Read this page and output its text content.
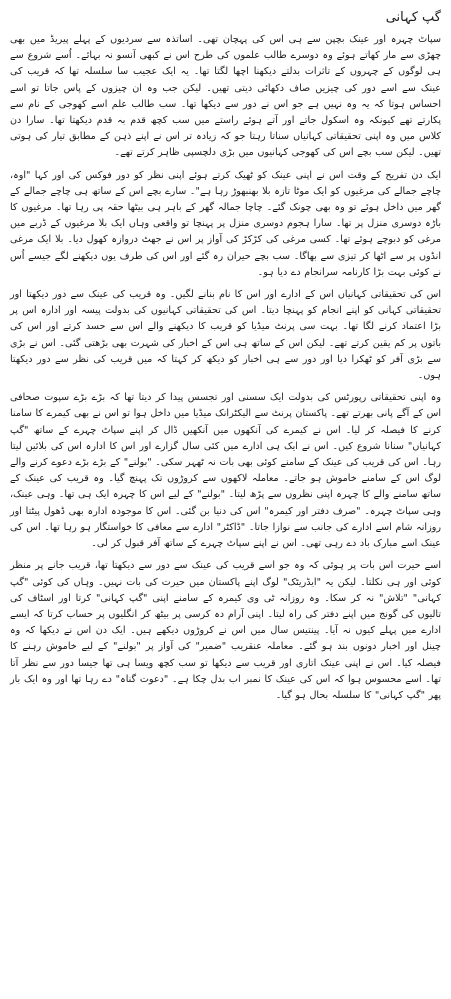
گپ کہانی

سپاٹ چہرہ اور عینک بچپن سے ہی اس کی پہچان تھی۔ اساتذہ سے سردیوں کے پہلے پیریڈ میں بھی چھڑی سے مار کھاتے ہوئے وہ دوسرے طالب علموں کی طرح اس نے کبھی آنسو نہ بہائے۔ اُسے شروع سے ہی لوگوں کے چہروں کے تاثرات بدلتے دیکھنا اچھا لگتا تھا۔ یہ ایک عجیب سا سلسلہ تھا کہ قریب کی عینک سے اسے دور کی چیزیں صاف دکھائی دیتی تھیں۔ لیکن جب وہ ان چیزوں کے پاس جاتا تو اسے احساس ہوتا کہ یہ وہ نہیں ہے جو اس نے دور سے دیکھا تھا۔ سب طالب علم اسے کھوجی کے نام سے پکارتے تھے کیونکہ وہ اسکول جاتے اور آتے ہوئے راستے میں سب کچھ قدم بہ قدم دیکھتا تھا۔ سارا دن کلاس میں وہ اپنی تحقیقاتی کہانیاں سناتا رہتا جو کہ زیادہ تر اس نے اپنے ذہن کے مطابق تیار کی ہوتی تھیں۔ لیکن سب بچے اس کی کھوجی کہانیوں میں بڑی دلچسپی ظاہر کرتے تھے۔

ایک دن تفریح کے وقت اس نے اپنی عینک کو ٹھیک کرتے ہوئے اپنی نظر کو دور فوکس کی اور کہا "اوہ، چاچے جمالے کی مرغیوں کو ایک موٹا تازہ بلا بھنبھوڑ رہا ہے"۔ سارے بچے اس کے ساتھ ہی چاچے جمالے کے گھر میں داخل ہوئے تو وہ بھی چونک گئے۔ چاچا جمالہ گھر کے باہر ہی بیٹھا حقہ پی رہا تھا۔ مرغیوں کا باڑہ دوسری منزل پر تھا۔ سارا ہجوم دوسری منزل پر پہنچا تو واقعی وہاں ایک بلا مرغیوں کے ڈربے میں مرغی کو دبوچے ہوئے تھا۔ کسی مرغی کی کڑکڑ کی آواز پر اس نے جھٹ دروازہ کھول دیا۔ بلا ایک مرغی انڈوں پر سے اٹھا کر تیزی سے بھاگا۔ سب بچے حیران رہ گئے اور اس کی طرف یوں دیکھنے لگے جیسے اُس نے کوئی بہت بڑا کارنامہ سرانجام دے دیا ہو۔

اس کی تحقیقاتی کہانیاں اس کے ادارے اور اس کا نام بنانے لگیں۔ وہ قریب کی عینک سے دور دیکھتا اور تحقیقاتی کہانی کو اپنے انجام کو پہنچا دیتا۔ اس کی تحقیقاتی کہانیوں کی بدولت پیسہ اور ادارہ اس پر بڑا اعتماد کرنے لگا تھا۔ بہت سی پرنٹ میڈیا کو قریب کا دیکھنے والے اس سے حسد کرتے اور اس کی باتوں پر کم یقین کرتے تھے۔ لیکن اس کے ساتھ ہی اس کے اخبار کی شہرت بھی بڑھتی گئی۔ اس نے بڑی سے بڑی آفر کو ٹھکرا دیا اور دور سے ہی اخبار کو دیکھ کر کہتا کہ میں قریب کی نظر سے دور دیکھتا ہوں۔

وہ اپنی تحقیقاتی رپورٹس کی بدولت ایک سسنی اور تجسس پیدا کر دیتا تھا کہ بڑے بڑے سپوت صحافی اس کے آگے پانی بھرتے تھے۔ پاکستان پرنٹ سے الیکٹرانک میڈیا میں داخل ہوا تو اس نے بھی کیمرے کا سامنا کرنے کا فیصلہ کر لیا۔ اس نے کیمرے کی آنکھوں میں آنکھیں ڈال کر اپنے سپاٹ چہرے کے ساتھ "گپ کہانیاں" سنانا شروع کیں۔ اس نے ایک ہی ادارے میں کئی سال گزارے اور اس کا ادارہ اس کی بلائیں لیتا رہا۔ اس کی قریب کی عینک کے سامنے کوئی بھی بات نہ ٹھہر سکی۔ "بولنے" کے بڑے بڑے دعوے کرنے والے لوگ اس کے سامنے خاموش ہو جاتے۔ معاملہ لاکھوں سے کروڑوں تک پہنچ گیا۔ وہ قریب کی عینک کے ساتھ سامنے والے کا چہرہ اپنی نظروں سے پڑھ لیتا۔ "بولنے" کے لیے اس کا چہرہ ایک ہی تھا۔ وہی عینک، وہی سپاٹ چہرہ۔ "صرف دفتر اور کیمرہ" اس کی دنیا بن گئی۔ اس کا موجودہ ادارہ بھی ڈھول پیٹتا اور روزانہ شام اسے ادارے کی جانب سے نوازا جاتا۔ "ڈاکٹر" ادارے سے معافی کا خواستگار ہو رہا تھا۔ اس کی عینک اسے مبارک باد دے رہی تھی۔ اس نے اپنے سپاٹ چہرے کے ساتھ آفر قبول کر لی۔

اسے حیرت اس بات پر ہوئی کہ وہ جو اسے قریب کی عینک سے دور سے دیکھتا تھا، قریب جانے پر منظر کوئی اور ہی نکلتا۔ لیکن یہ "ایڈریٹک" لوگ اپنے پاکستان میں حیرت کی بات نہیں۔ وہاں کی کوئی "گپ کہانی" "تلاش" نہ کر سکا۔ وہ روزانہ ٹی وی کیمرہ کے سامنے اپنی "گپ کہانی" کرتا اور اسٹاف کی تالیوں کی گونج میں اپنے دفتر کی راہ لیتا۔ اپنی آرام دہ کرسی پر بیٹھ کر انگلیوں پر حساب کرتا کہ ایسے ادارے میں پہلے کیوں نہ آیا۔ پینتیس سال میں اس نے کروڑوں دیکھے ہیں۔ ایک دن اس نے دیکھا کہ وہ چینل اور اخبار دونوں بند ہو گئے۔ معاملہ عنقریب "ضمیر" کی آواز پر "بولنے" کے لیے خاموش رہنے کا فیصلہ کیا۔ اس نے اپنی عینک اتاری اور قریب سے دیکھا تو سب کچھ ویسا ہی تھا جیسا دور سے نظر آتا تھا۔ اسے محسوس ہوا کہ اس کی عینک کا نمبر اب بدل چکا ہے۔ "دعوت گناہ" دے رہا تھا اور وہ ایک بار پھر "گپ کہانی" کا سلسلہ بحال ہو گیا۔
